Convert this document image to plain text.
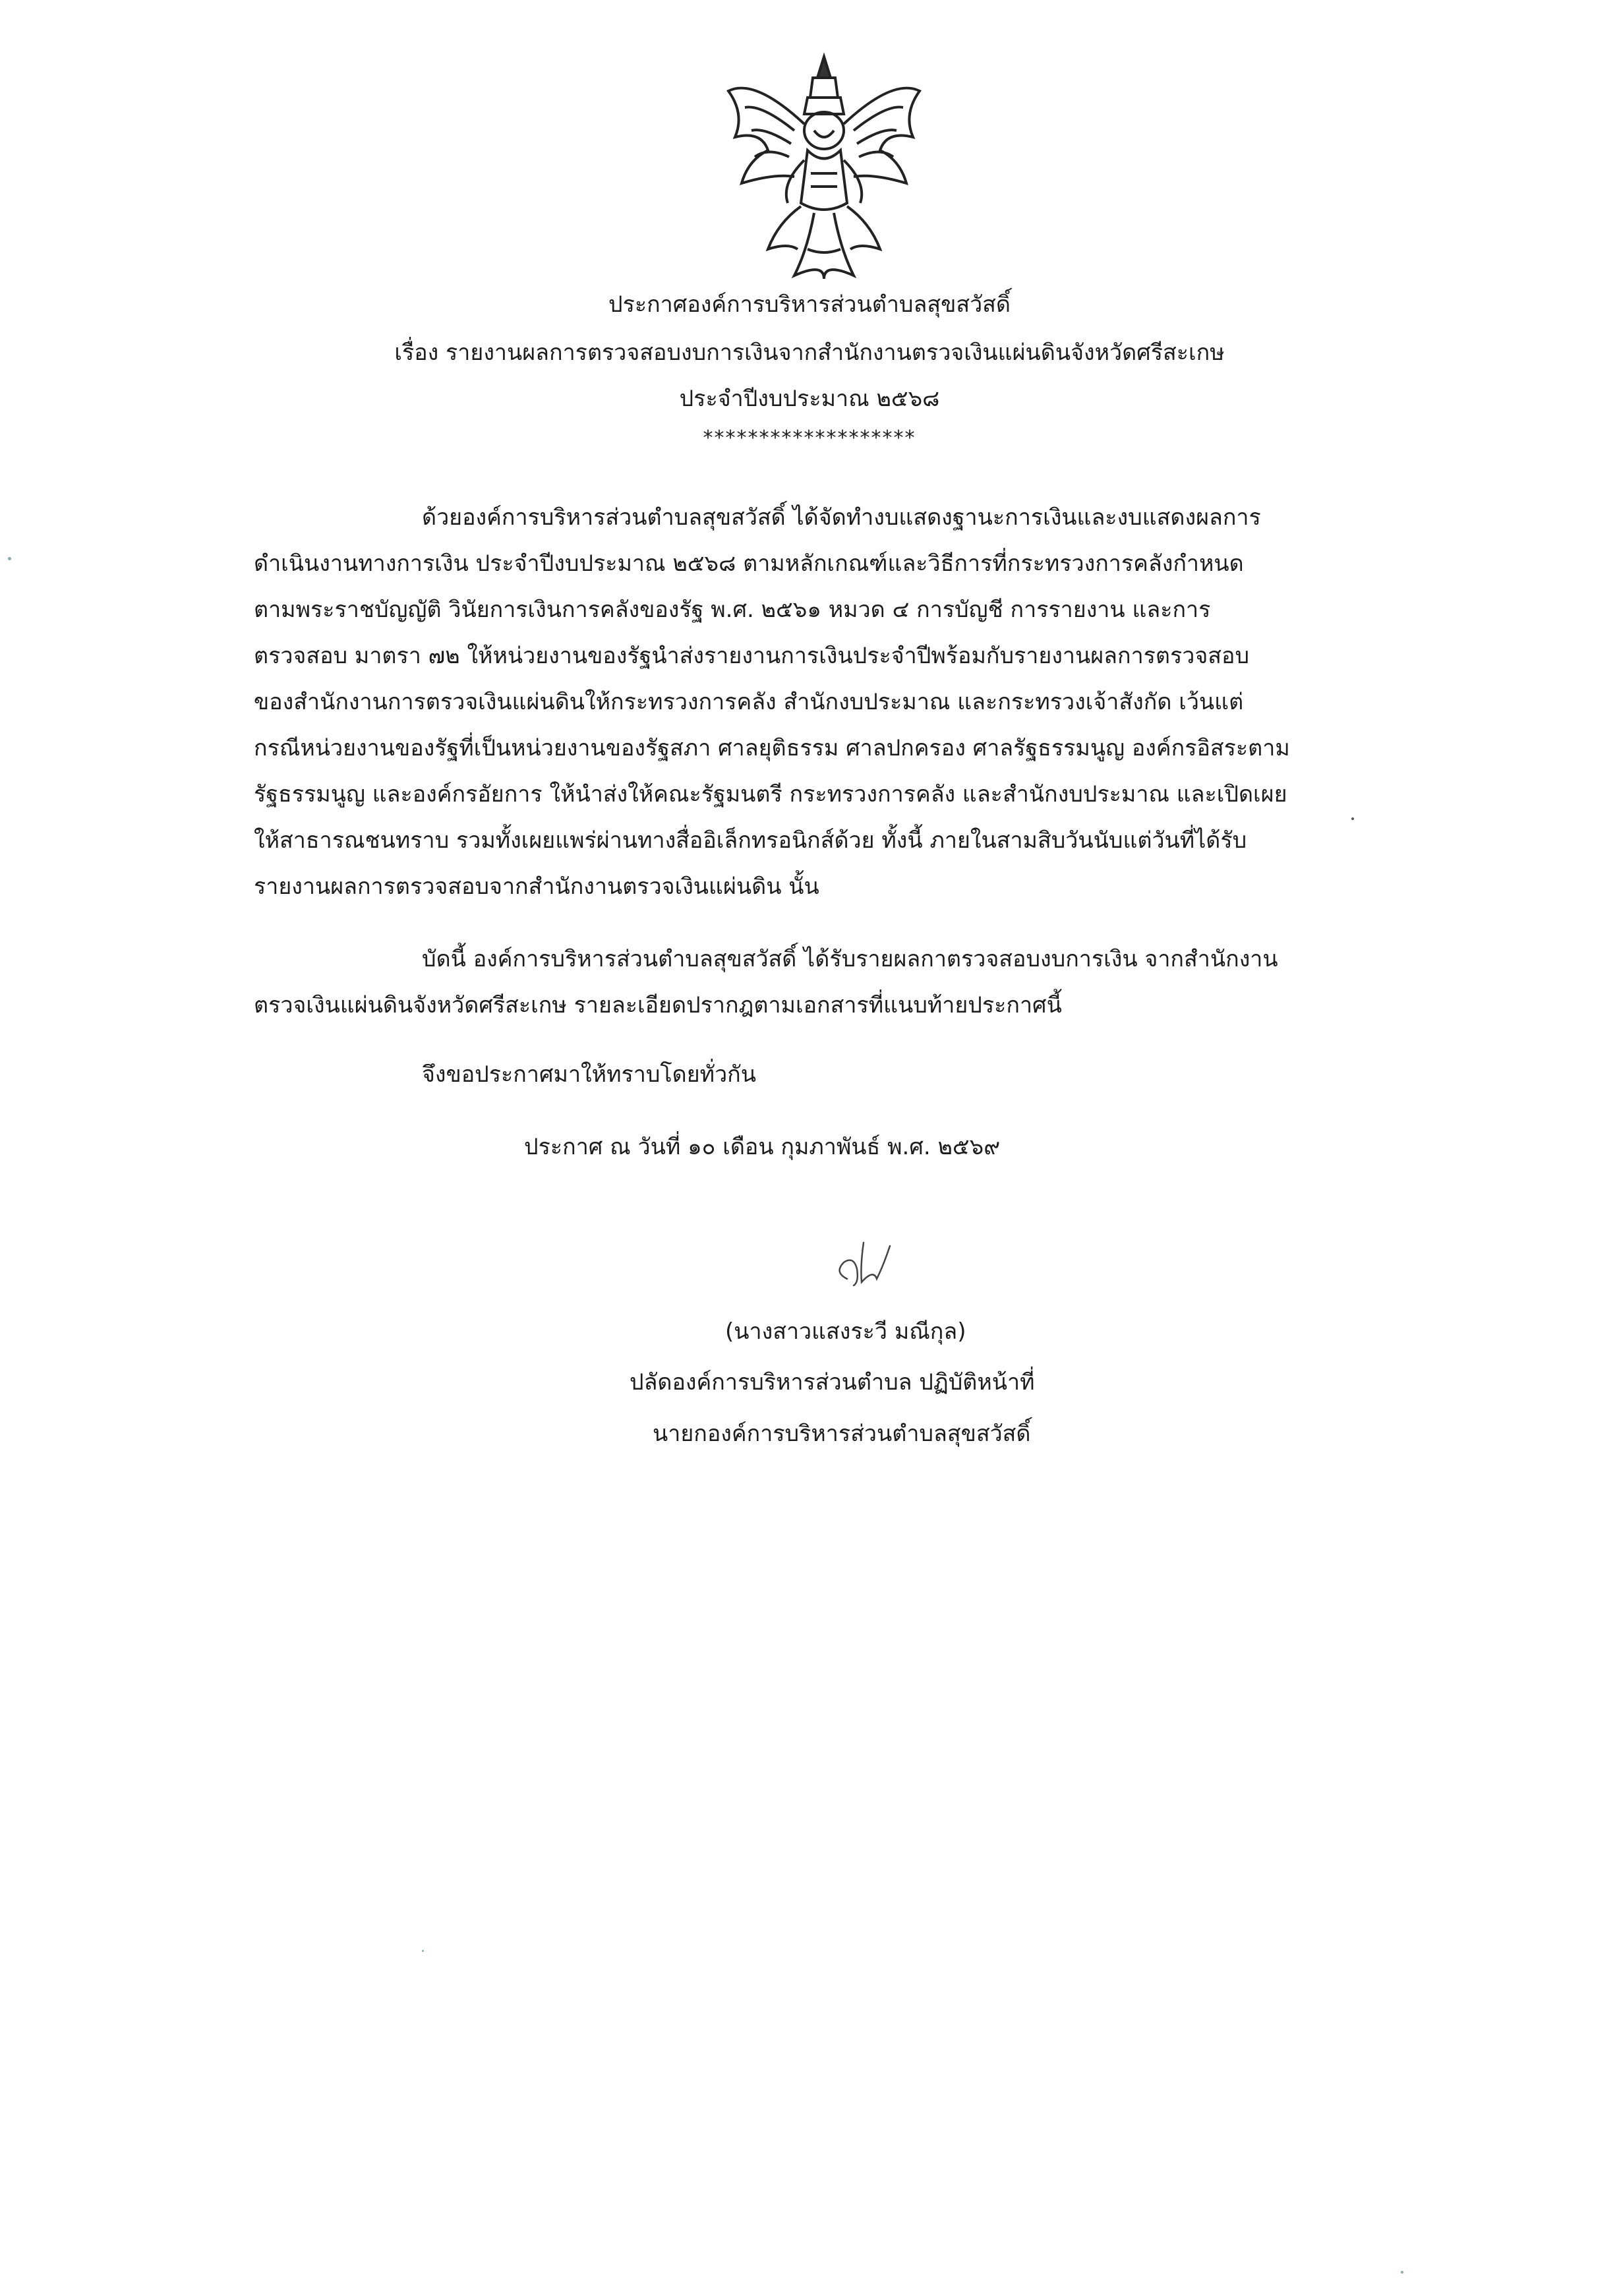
ประกาศองค์การบริหารส่วนตำบลสุขสวัสดิ์
เรื่อง รายงานผลการตรวจสอบงบการเงินจากสำนักงานตรวจเงินแผ่นดินจังหวัดศรีสะเกษ
ประจำปีงบประมาณ ๒๕๖๘
*******************
ด้วยองค์การบริหารส่วนตำบลสุขสวัสดิ์ ได้จัดทำงบแสดงฐานะการเงินและงบแสดงผลการ
ดำเนินงานทางการเงิน ประจำปีงบประมาณ ๒๕๖๘ ตามหลักเกณฑ์และวิธีการที่กระทรวงการคลังกำหนด
ตามพระราชบัญญัติ วินัยการเงินการคลังของรัฐ พ.ศ. ๒๕๖๑ หมวด ๔ การบัญชี การรายงาน และการ
ตรวจสอบ มาตรา ๗๒ ให้หน่วยงานของรัฐนำส่งรายงานการเงินประจำปีพร้อมกับรายงานผลการตรวจสอบ
ของสำนักงานการตรวจเงินแผ่นดินให้กระทรวงการคลัง สำนักงบประมาณ และกระทรวงเจ้าสังกัด เว้นแต่
กรณีหน่วยงานของรัฐที่เป็นหน่วยงานของรัฐสภา ศาลยุติธรรม ศาลปกครอง ศาลรัฐธรรมนูญ องค์กรอิสระตาม
รัฐธรรมนูญ และองค์กรอัยการ ให้นำส่งให้คณะรัฐมนตรี กระทรวงการคลัง และสำนักงบประมาณ และเปิดเผย
ให้สาธารณชนทราบ รวมทั้งเผยแพร่ผ่านทางสื่ออิเล็กทรอนิกส์ด้วย ทั้งนี้ ภายในสามสิบวันนับแต่วันที่ได้รับ
รายงานผลการตรวจสอบจากสำนักงานตรวจเงินแผ่นดิน นั้น
บัดนี้ องค์การบริหารส่วนตำบลสุขสวัสดิ์ ได้รับรายผลกาตรวจสอบงบการเงิน จากสำนักงาน
ตรวจเงินแผ่นดินจังหวัดศรีสะเกษ รายละเอียดปรากฎตามเอกสารที่แนบท้ายประกาศนี้
จึงขอประกาศมาให้ทราบโดยทั่วกัน
ประกาศ ณ วันที่ ๑๐ เดือน กุมภาพันธ์ พ.ศ. ๒๕๖๙
(นางสาวแสงระวี มณีกุล)
ปลัดองค์การบริหารส่วนตำบล ปฏิบัติหน้าที่
นายกองค์การบริหารส่วนตำบลสุขสวัสดิ์
